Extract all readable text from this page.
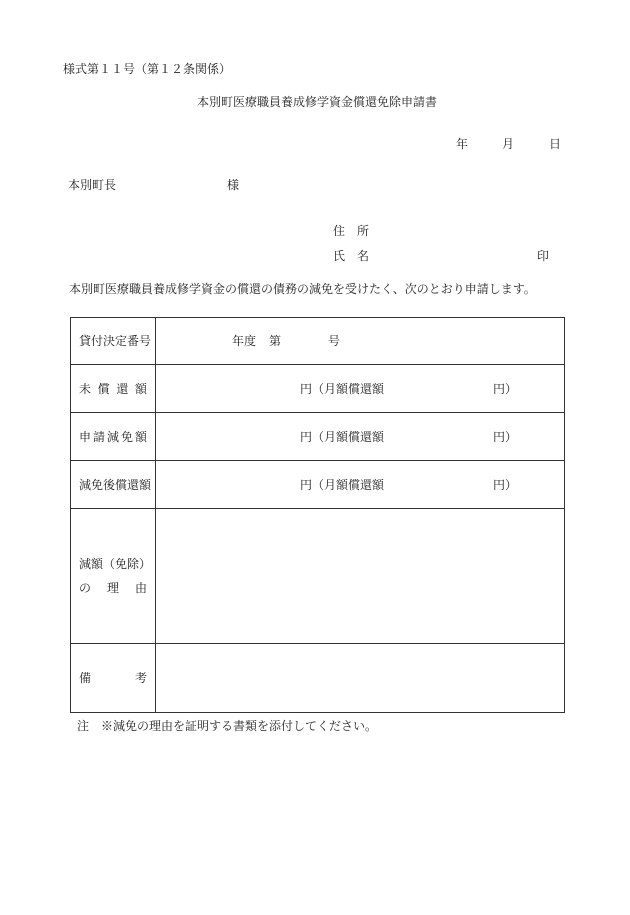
様式第１１号（第１２条関係）
本別町医療職員養成修学資金償還免除申請書
年	月	日
本別町長	様
住　所
氏　名	印
本別町医療職員養成修学資金の償還の債務の減免を受けたく、次のとおり申請します。
貸付決定番号	年度 第 号

未 償 還 額	円（月額償還額 円）

申 請 減 免 額	円（月額償還額 円）

減免後償還額	円（月額償還額 円）

減額（免除）
の 理 由	

備 考	

注　※減免の理由を証明する書類を添付してください。
